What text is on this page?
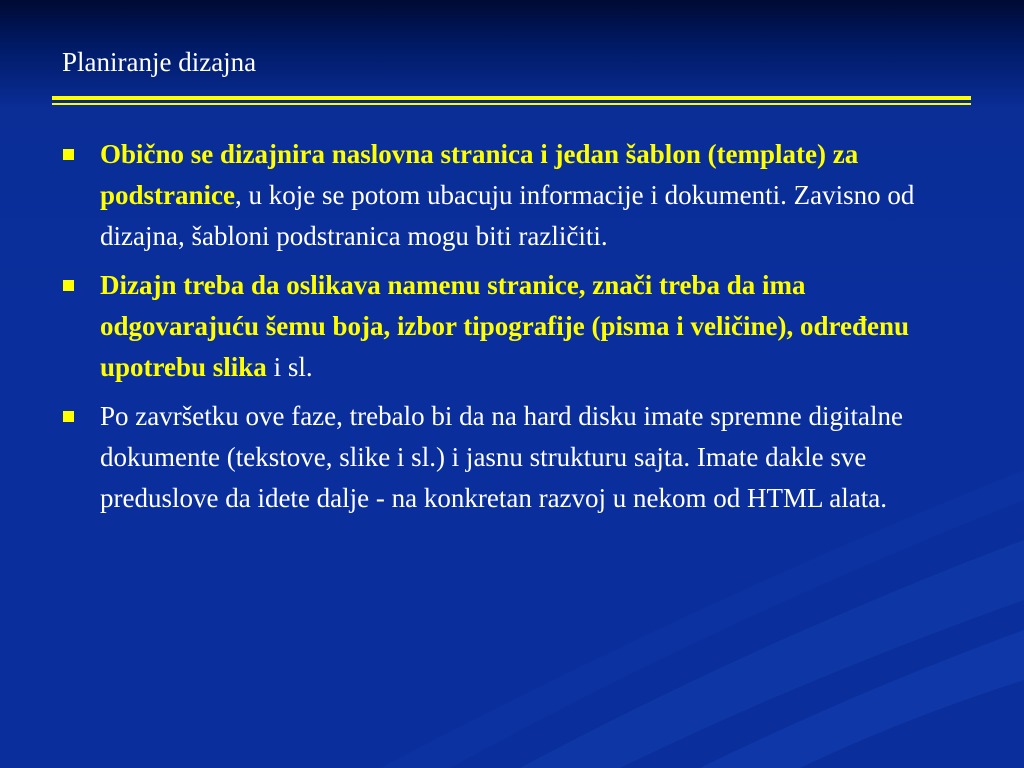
Planiranje dizajna
Obično se dizajnira naslovna stranica i jedan šablon (template) za podstranice, u koje se potom ubacuju informacije i dokumenti. Zavisno od dizajna, šabloni podstranica mogu biti različiti.
Dizajn treba da oslikava namenu stranice, znači treba da ima odgovarajuću šemu boja, izbor tipografije (pisma i veličine), određenu upotrebu slika i sl.
Po završetku ove faze, trebalo bi da na hard disku imate spremne digitalne dokumente (tekstove, slike i sl.) i jasnu strukturu sajta. Imate dakle sve preduslove da idete dalje - na konkretan razvoj u nekom od HTML alata.
